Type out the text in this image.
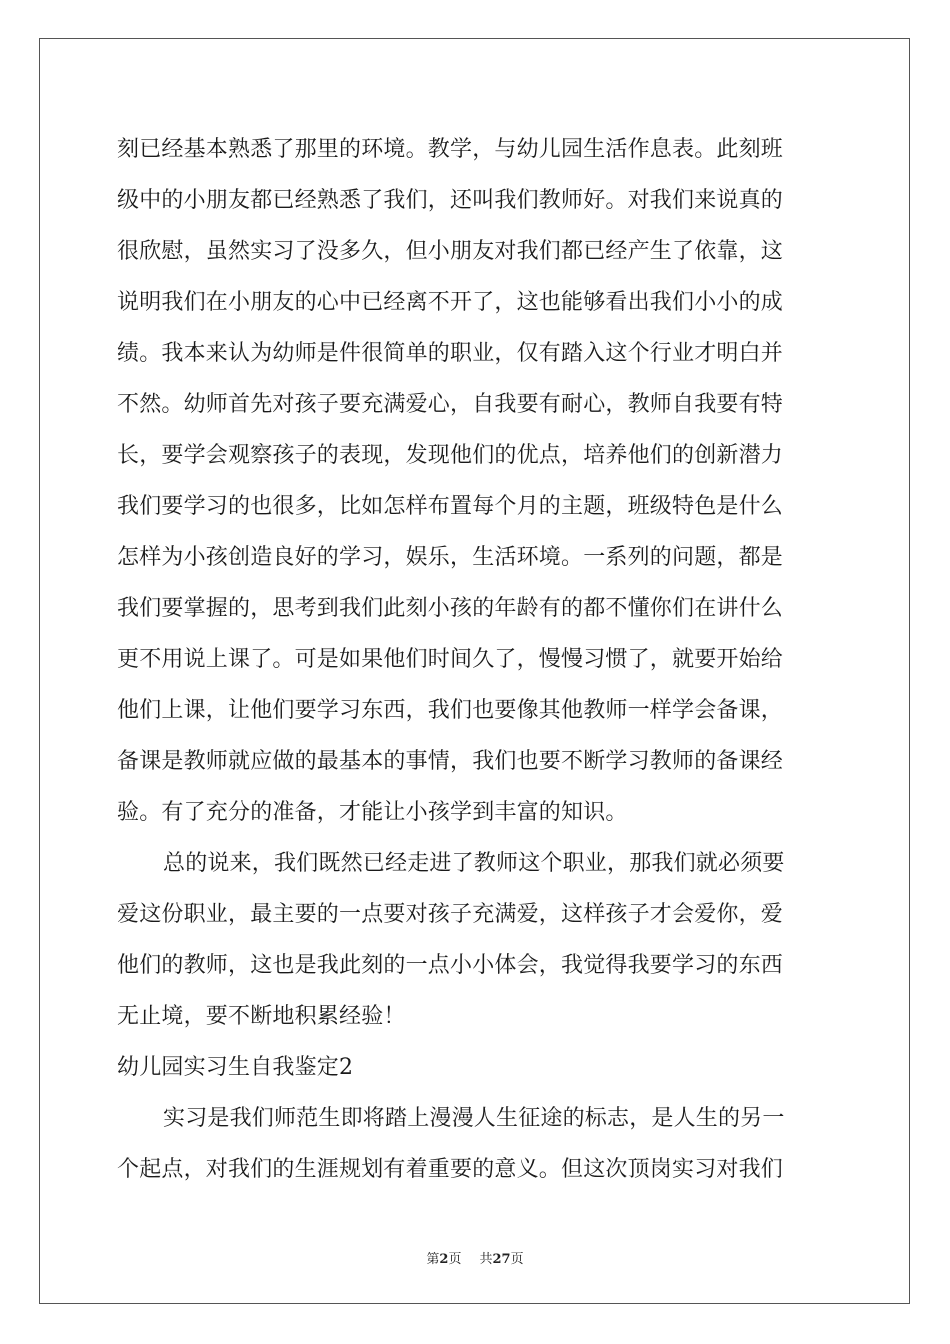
刻已经基本熟悉了那里的环境。教学，与幼儿园生活作息表。此刻班
级中的小朋友都已经熟悉了我们，还叫我们教师好。对我们来说真的
很欣慰，虽然实习了没多久，但小朋友对我们都已经产生了依靠，这
说明我们在小朋友的心中已经离不开了，这也能够看出我们小小的成
绩。我本来认为幼师是件很简单的职业，仅有踏入这个行业才明白并
不然。幼师首先对孩子要充满爱心，自我要有耐心，教师自我要有特
长，要学会观察孩子的表现，发现他们的优点，培养他们的创新潜力
我们要学习的也很多，比如怎样布置每个月的主题，班级特色是什么
怎样为小孩创造良好的学习，娱乐，生活环境。一系列的问题，都是
我们要掌握的，思考到我们此刻小孩的年龄有的都不懂你们在讲什么
更不用说上课了。可是如果他们时间久了，慢慢习惯了，就要开始给
他们上课，让他们要学习东西，我们也要像其他教师一样学会备课，
备课是教师就应做的最基本的事情，我们也要不断学习教师的备课经
验。有了充分的准备，才能让小孩学到丰富的知识。
总的说来，我们既然已经走进了教师这个职业，那我们就必须要
爱这份职业，最主要的一点要对孩子充满爱，这样孩子才会爱你，爱
他们的教师，这也是我此刻的一点小小体会，我觉得我要学习的东西
无止境，要不断地积累经验！
幼儿园实习生自我鉴定2
实习是我们师范生即将踏上漫漫人生征途的标志，是人生的另一
个起点，对我们的生涯规划有着重要的意义。但这次顶岗实习对我们
第2页 共27页
